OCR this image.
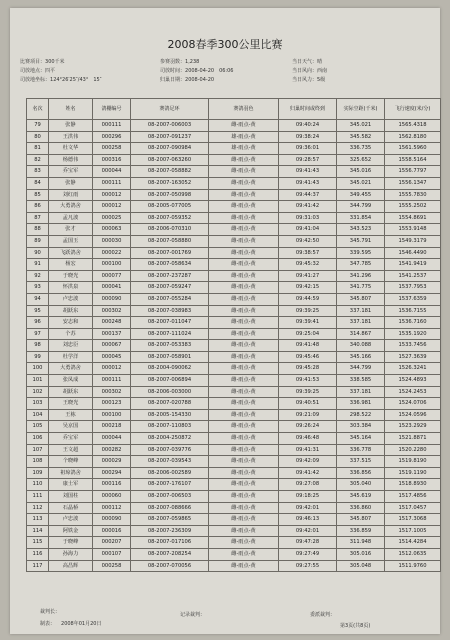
2008春季300公里比赛
比赛项目：300千米
司放地点：四平
司放地坐标：124°26′25″/43°　15″
参赛羽数：1,238
司放时间：2008-04-20　06:06
归巢日期：2008-04-20
当日天气：晴
当日风向：西南
当日风力：5级
名次	姓名	鸽棚编号	赛鸽足环	赛鸽羽色	归巢时间或终到	实际空距(千米)	飞行速度(米/分)
79	张静	000111	08-2007-006003	雌-雨点-黄	09:40:24	345.021	1565.4318
80	王洪伟	000296	08-2007-091237	雄-雨点-黄	09:38:24	345.582	1562.8180
81	杜文华	000258	08-2007-090984	雄-雨点-黄	09:36:01	336.735	1561.5960
82	杨德伟	000316	08-2007-063260	雌-雨点-黄	09:28:57	325.652	1558.5164
83	乔宝军	000044	08-2007-058882	雌-雨点-黄	09:41:43	345.016	1556.7797
84	张静	000111	08-2007-163052	雌-雨点-黄	09:41:43	345.021	1556.1347
85	刘红雨	000012	08-2007-050998	雌-雨点-黄	09:44:37	349.455	1555.7830
86	大勇鸽舍	000012	08-2005-077005	雌-雨点-黄	09:41:42	344.799	1555.2502
87	孟凡波	000025	08-2007-059352	雌-雨点-黄	09:31:03	331.854	1554.8691
88	张才	000063	08-2006-070310	雌-雨点-黄	09:41:04	343.523	1553.9148
89	孟国玉	000030	08-2007-058880	雌-雨点-黄	09:42:50	345.791	1549.3179
90	飞跃鸽舍	000022	08-2007-001769	雌-雨点-黄	09:38:57	339.595	1546.4490
91	杨宏	000100	08-2007-058634	雌-雨点-黄	09:45:32	347.785	1541.9419
92	于晓光	000077	08-2007-237287	雌-雨点-黄	09:41:27	341.296	1541.2537
93	怀洪泉	000041	08-2007-059247	雌-雨点-黄	09:42:15	341.775	1537.7953
94	卢忠波	000090	08-2007-055284	雌-雨点-黄	09:44:59	345.807	1537.6359
95	胡跃东	000302	08-2007-038983	雌-雨点-黄	09:39:25	337.181	1536.7155
96	安志和	000248	08-2007-011047	雌-雨点-黄	09:39:41	337.181	1536.7160
97	个苏	000137	08-2007-111024	雌-雨点-黄	09:25:04	314.867	1535.1920
98	刘忠臣	000067	08-2007-053383	雌-雨点-黄	09:41:48	340.088	1533.7456
99	杜学洋	000045	08-2007-058901	雌-雨点-黄	09:45:46	345.166	1527.3639
100	大勇鸽舍	000012	08-2004-090062	雌-雨点-黄	09:45:28	344.799	1526.3241
101	张凤成	000111	08-2007-006894	雌-雨点-黄	09:41:53	338.585	1524.4893
102	胡跃东	000302	08-2006-003000	雌-雨点-黄	09:39:25	337.181	1524.2453
103	王晓光	000123	08-2007-020788	雌-雨点-黄	09:40:51	336.981	1524.0706
104	王栋	000100	08-2005-154330	雌-雨点-黄	09:21:09	298.522	1524.0596
105	吴京国	000218	08-2007-110803	雌-雨点-黄	09:26:24	303.384	1523.2929
106	乔宝军	000044	08-2004-250872	雌-雨点-黄	09:46:48	345.164	1521.8871
107	王文超	000282	08-2007-039776	雌-雨点-黄	09:41:31	336.778	1520.2280
108	个晓峰	000029	08-2007-039543	雌-雨点-黄	09:42:09	337.515	1519.8190
109	祖琼鸽舍	000294	08-2006-002589	雌-雨点-黄	09:41:42	336.856	1519.1190
110	康士军	000116	08-2007-176107	雌-雨点-黄	09:27:08	305.040	1518.8930
111	刘国柱	000060	08-2007-006503	雌-雨点-黄	09:18:25	345.619	1517.4856
112	石晶桥	000112	08-2007-088666	雌-雨点-黄	09:42:01	336.860	1517.0457
113	卢忠波	000090	08-2007-059865	雌-雨点-黄	09:46:13	345.807	1517.3068
114	阿铁金	000016	08-2007-236309	雌-雨点-黄	09:42:01	336.859	1517.1005
115	于晓峰	000207	08-2007-017106	雌-雨点-黄	09:47:28	311.948	1514.4284
116	孙海力	000107	08-2007-208254	雌-雨点-黄	09:27:49	305.016	1512.0635
117	高昌辉	000258	08-2007-070056	雌-雨点-黄	09:27:55	305.048	1511.9760
裁判长：
制表： 2008年01月20日
记录裁判：	委派裁判：
第3页(共8页)
